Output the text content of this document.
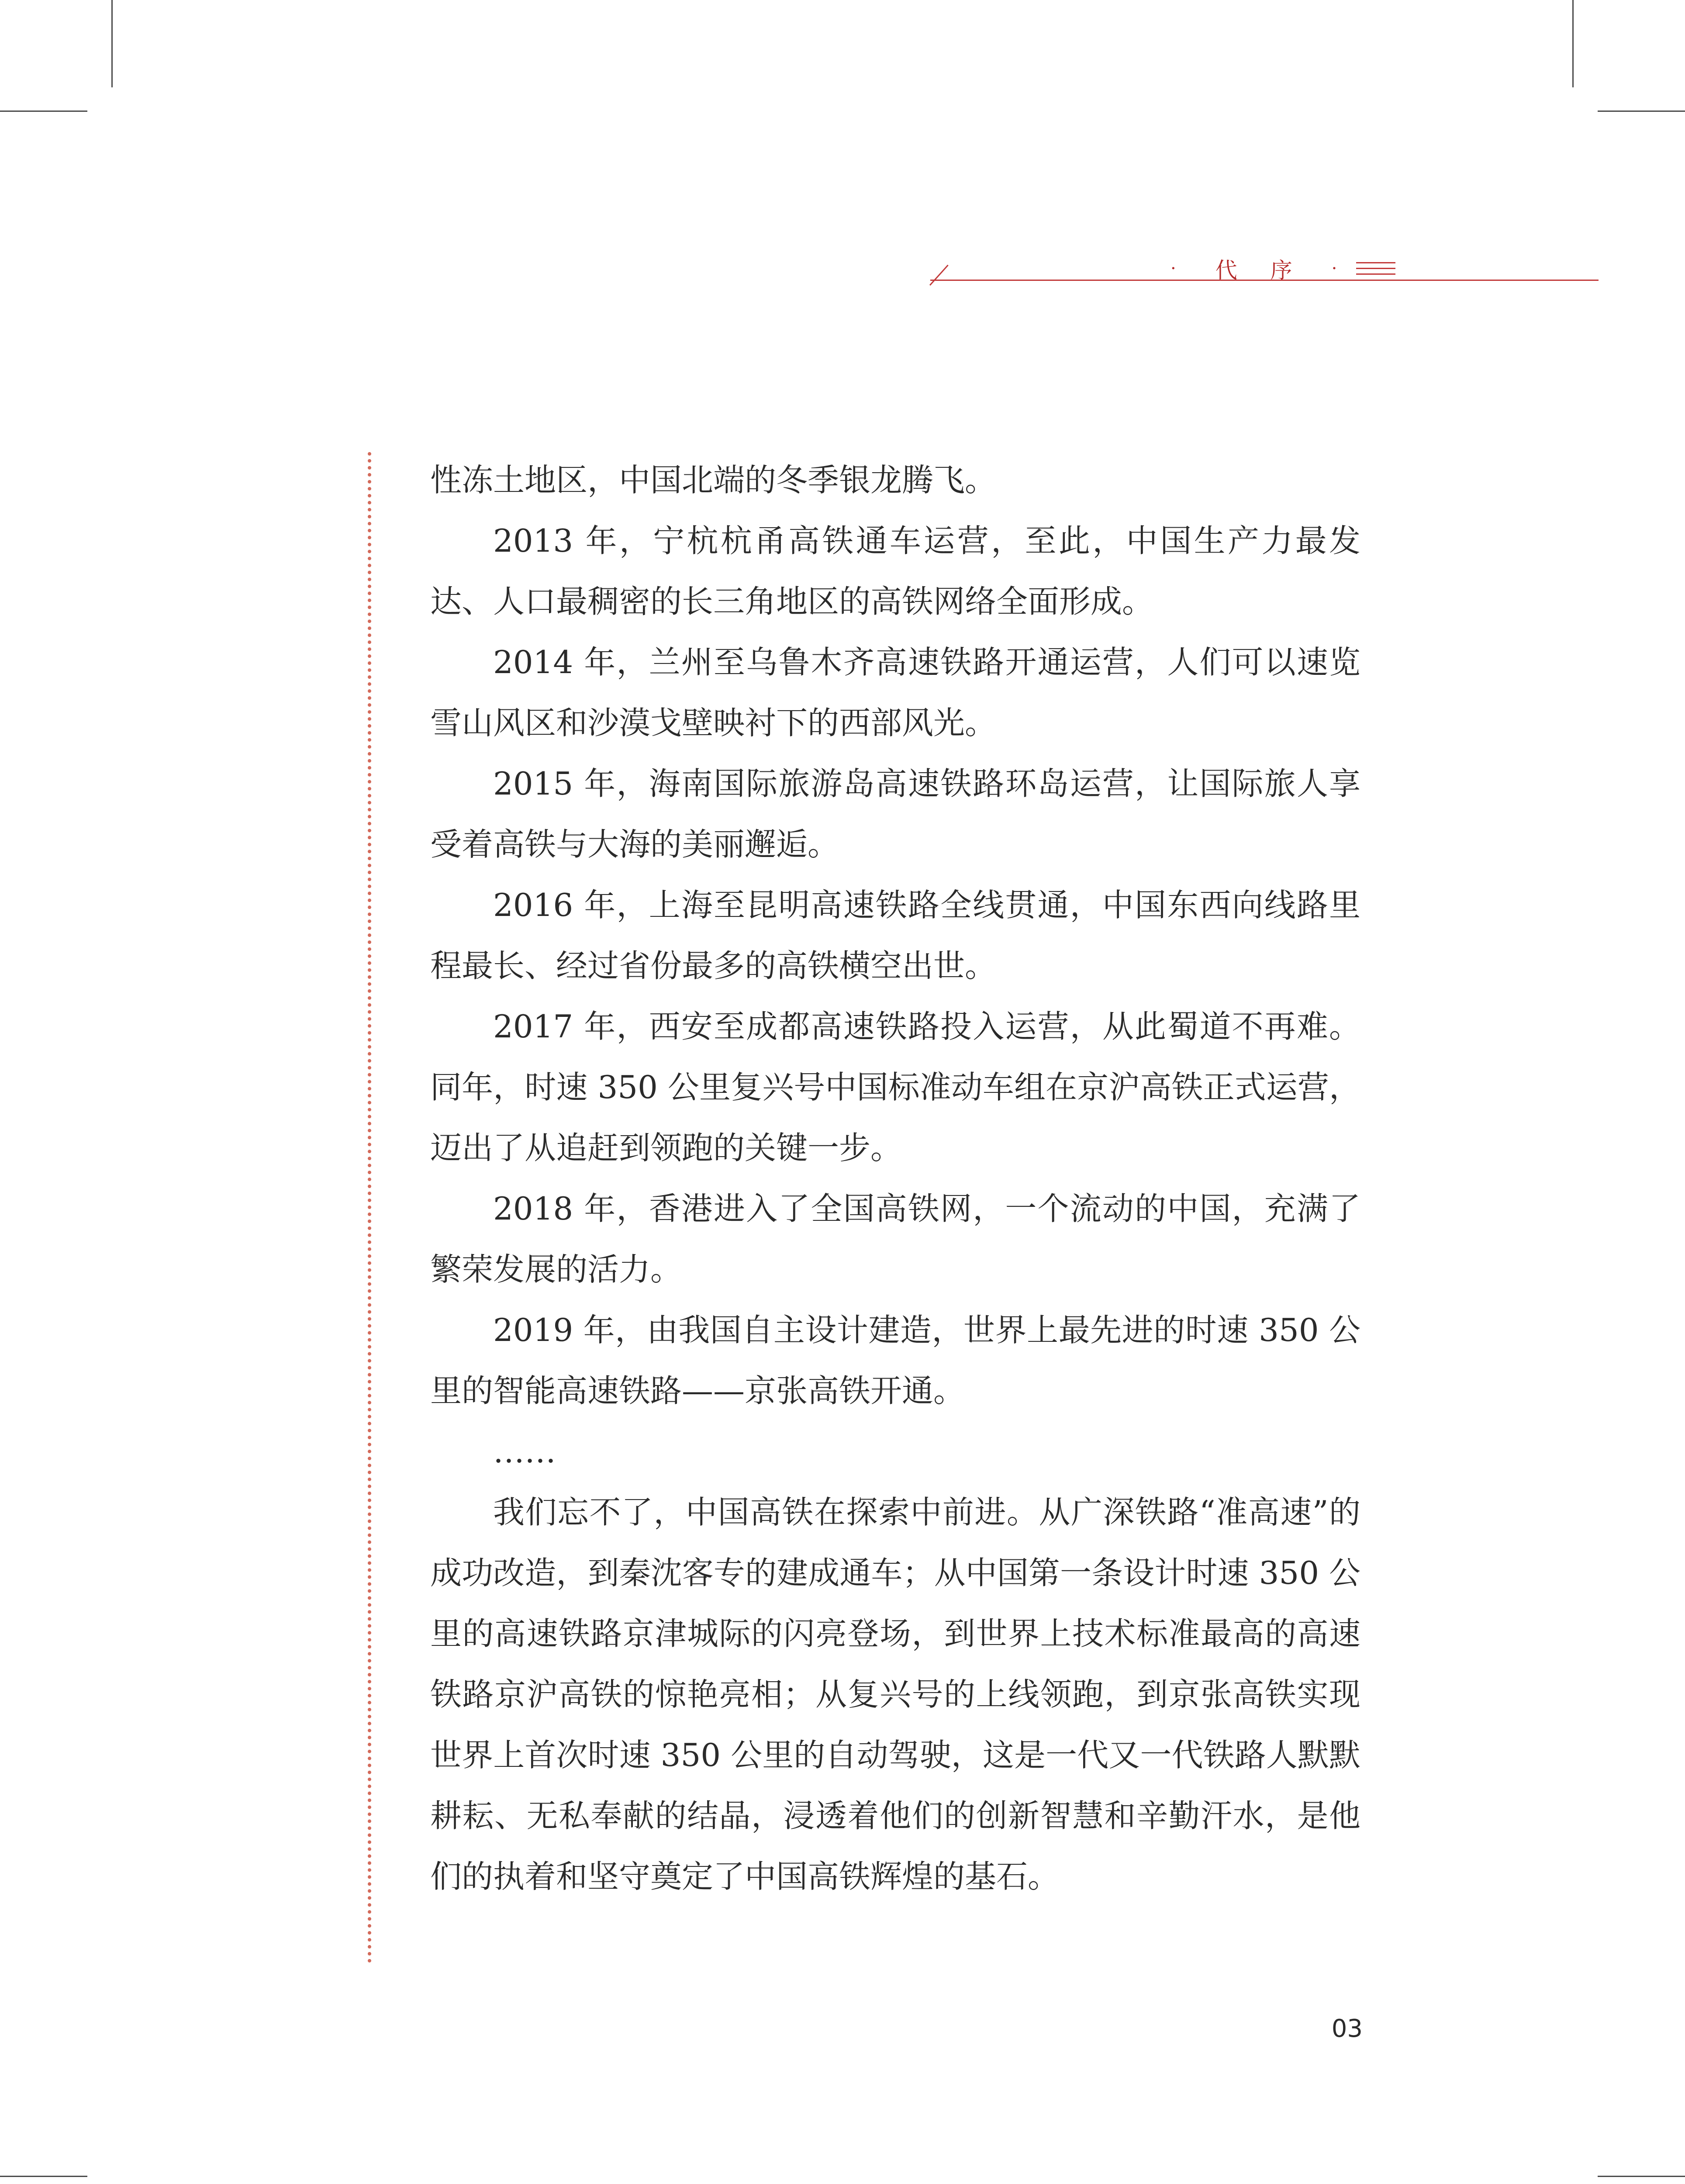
· 代 序 ·

性冻土地区，中国北端的冬季银龙腾飞。

2013 年，宁杭杭甬高铁通车运营，至此，中国生产力最发达、人口最稠密的长三角地区的高铁网络全面形成。

2014 年，兰州至乌鲁木齐高速铁路开通运营，人们可以速览雪山风区和沙漠戈壁映衬下的西部风光。

2015 年，海南国际旅游岛高速铁路环岛运营，让国际旅人享受着高铁与大海的美丽邂逅。

2016 年，上海至昆明高速铁路全线贯通，中国东西向线路里程最长、经过省份最多的高铁横空出世。

2017 年，西安至成都高速铁路投入运营，从此蜀道不再难。同年，时速 350 公里复兴号中国标准动车组在京沪高铁正式运营，迈出了从追赶到领跑的关键一步。

2018 年，香港进入了全国高铁网，一个流动的中国，充满了繁荣发展的活力。

2019 年，由我国自主设计建造，世界上最先进的时速 350 公里的智能高速铁路——京张高铁开通。

……

我们忘不了，中国高铁在探索中前进。从广深铁路“准高速”的成功改造，到秦沈客专的建成通车；从中国第一条设计时速 350 公里的高速铁路京津城际的闪亮登场，到世界上技术标准最高的高速铁路京沪高铁的惊艳亮相；从复兴号的上线领跑，到京张高铁实现世界上首次时速 350 公里的自动驾驶，这是一代又一代铁路人默默耕耘、无私奉献的结晶，浸透着他们的创新智慧和辛勤汗水，是他们的执着和坚守奠定了中国高铁辉煌的基石。

03
